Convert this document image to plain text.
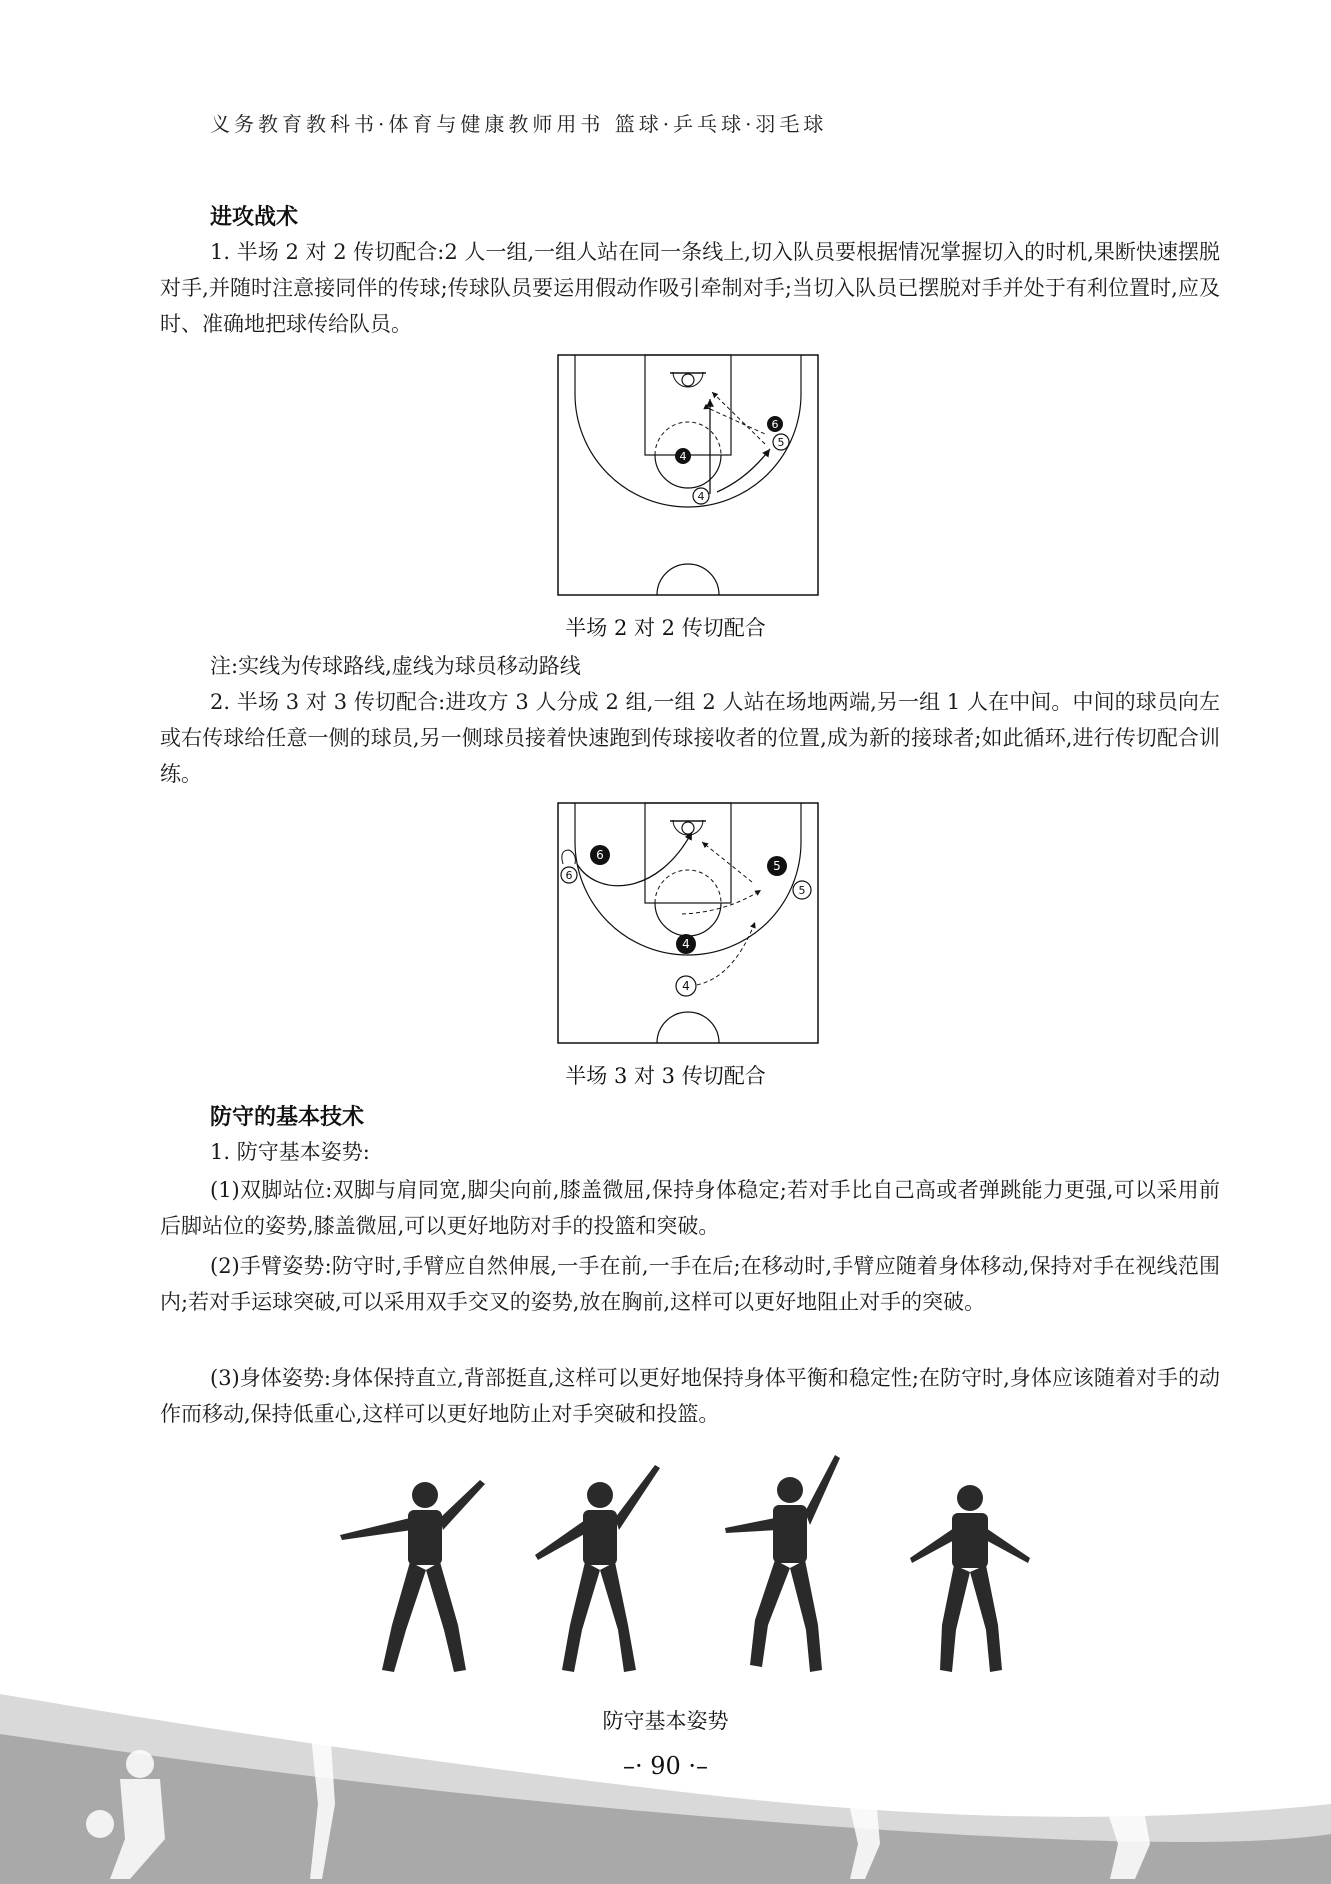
义务教育教科书·体育与健康教师用书 篮球·乒乓球·羽毛球
进攻战术

1. 半场 2 对 2 传切配合:2 人一组,一组人站在同一条线上,切入队员要根据情况掌握切入的时机,果断快速摆脱对手,并随时注意接同伴的传球;传球队员要运用假动作吸引牵制对手;当切入队员已摆脱对手并处于有利位置时,应及时、准确地把球传给队员。

6
5
4
4
半场 2 对 2 传切配合
注:实线为传球路线,虚线为球员移动路线

2. 半场 3 对 3 传切配合:进攻方 3 人分成 2 组,一组 2 人站在场地两端,另一组 1 人在中间。中间的球员向左或右传球给任意一侧的球员,另一侧球员接着快速跑到传球接收者的位置,成为新的接球者;如此循环,进行传切配合训练。

6
6
5
5
4
4
半场 3 对 3 传切配合
防守的基本技术
1. 防守基本姿势:

(1)双脚站位:双脚与肩同宽,脚尖向前,膝盖微屈,保持身体稳定;若对手比自己高或者弹跳能力更强,可以采用前后脚站位的姿势,膝盖微屈,可以更好地防对手的投篮和突破。

(2)手臂姿势:防守时,手臂应自然伸展,一手在前,一手在后;在移动时,手臂应随着身体移动,保持对手在视线范围内;若对手运球突破,可以采用双手交叉的姿势,放在胸前,这样可以更好地阻止对手的突破。

(3)身体姿势:身体保持直立,背部挺直,这样可以更好地保持身体平衡和稳定性;在防守时,身体应该随着对手的动作而移动,保持低重心,这样可以更好地防止对手突破和投篮。

防守基本姿势
–· 90 ·–
